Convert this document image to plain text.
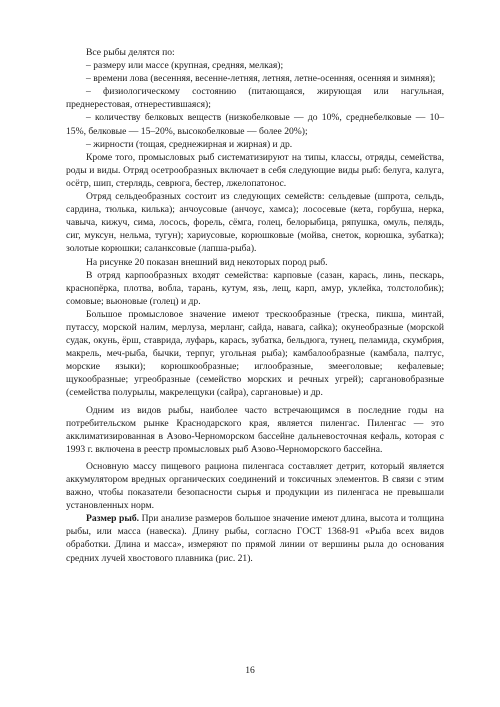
Все рыбы делятся по:

– размеру или массе (крупная, средняя, мелкая);

– времени лова (весенняя, весенне-летняя, летняя, летне-осенняя, осенняя и зимняя);

– физиологическому состоянию (питающаяся, жирующая или нагульная, преднерестовая, отнерестившаяся);

– количеству белковых веществ (низкобелковые — до 10%, среднебелковые — 10–15%, белковые — 15–20%, высокобелковые — более 20%);

– жирности (тощая, среднежирная и жирная) и др.

Кроме того, промысловых рыб систематизируют на типы, классы, отряды, семейства, роды и виды. Отряд осетрообразных включает в себя следующие виды рыб: белуга, калуга, осётр, шип, стерлядь, севрюга, бестер, лжелопатонос.

Отряд сельдеобразных состоит из следующих семейств: сельдевые (шпрота, сельдь, сардина, тюлька, килька); анчоусовые (анчоус, хамса); лососевые (кета, горбуша, нерка, чавыча, кижуч, сима, лосось, форель, сёмга, голец, белорыбица, ряпушка, омуль, пелядь, сиг, муксун, нельма, тугун); хариусовые, корюшковые (мойва, снеток, корюшка, зубатка); золотые корюшки; саланксовые (лапша-рыба).

На рисунке 20 показан внешний вид некоторых пород рыб.

В отряд карпообразных входят семейства: карповые (сазан, карась, линь, пескарь, краснопёрка, плотва, вобла, тарань, кутум, язь, лещ, карп, амур, уклейка, толстолобик); сомовые; вьюновые (голец) и др.

Большое промысловое значение имеют трескообразные (треска, пикша, минтай, путассу, морской налим, мерлуза, мерланг, сайда, навага, сайка); окунеобразные (морской судак, окунь, ёрш, ставрида, луфарь, карась, зубатка, бельдюга, тунец, пеламида, скумбрия, макрель, меч-рыба, бычки, терпуг, угольная рыба); камбалообразные (камбала, палтус, морские языки); корюшкообразные; иглообразные, змееголовые; кефалевые; щукообразные; угреобразные (семейство морских и речных угрей); саргановобразные (семейства полурылы, макрелещуки (сайра), сарганoвые) и др.

Одним из видов рыбы, наиболее часто встречающимся в последние годы на потребительском рынке Краснодарского края, является пиленгас. Пиленгас — это акклиматизированная в Азово-Черноморском бассейне дальневосточная кефаль, которая с 1993 г. включена в реестр промысловых рыб Азово-Черноморского бассейна.

Основную массу пищевого рациона пиленгаса составляет детрит, который является аккумулятором вредных органических соединений и токсичных элементов. В связи с этим важно, чтобы показатели безопасности сырья и продукции из пиленгаса не превышали установленных норм.

Размер рыб. При анализе размеров большое значение имеют длина, высота и толщина рыбы, или масса (навеска). Длину рыбы, согласно ГОСТ 1368-91 «Рыба всех видов обработки. Длина и масса», измеряют по прямой линии от вершины рыла до основания средних лучей хвостового плавника (рис. 21).

16
